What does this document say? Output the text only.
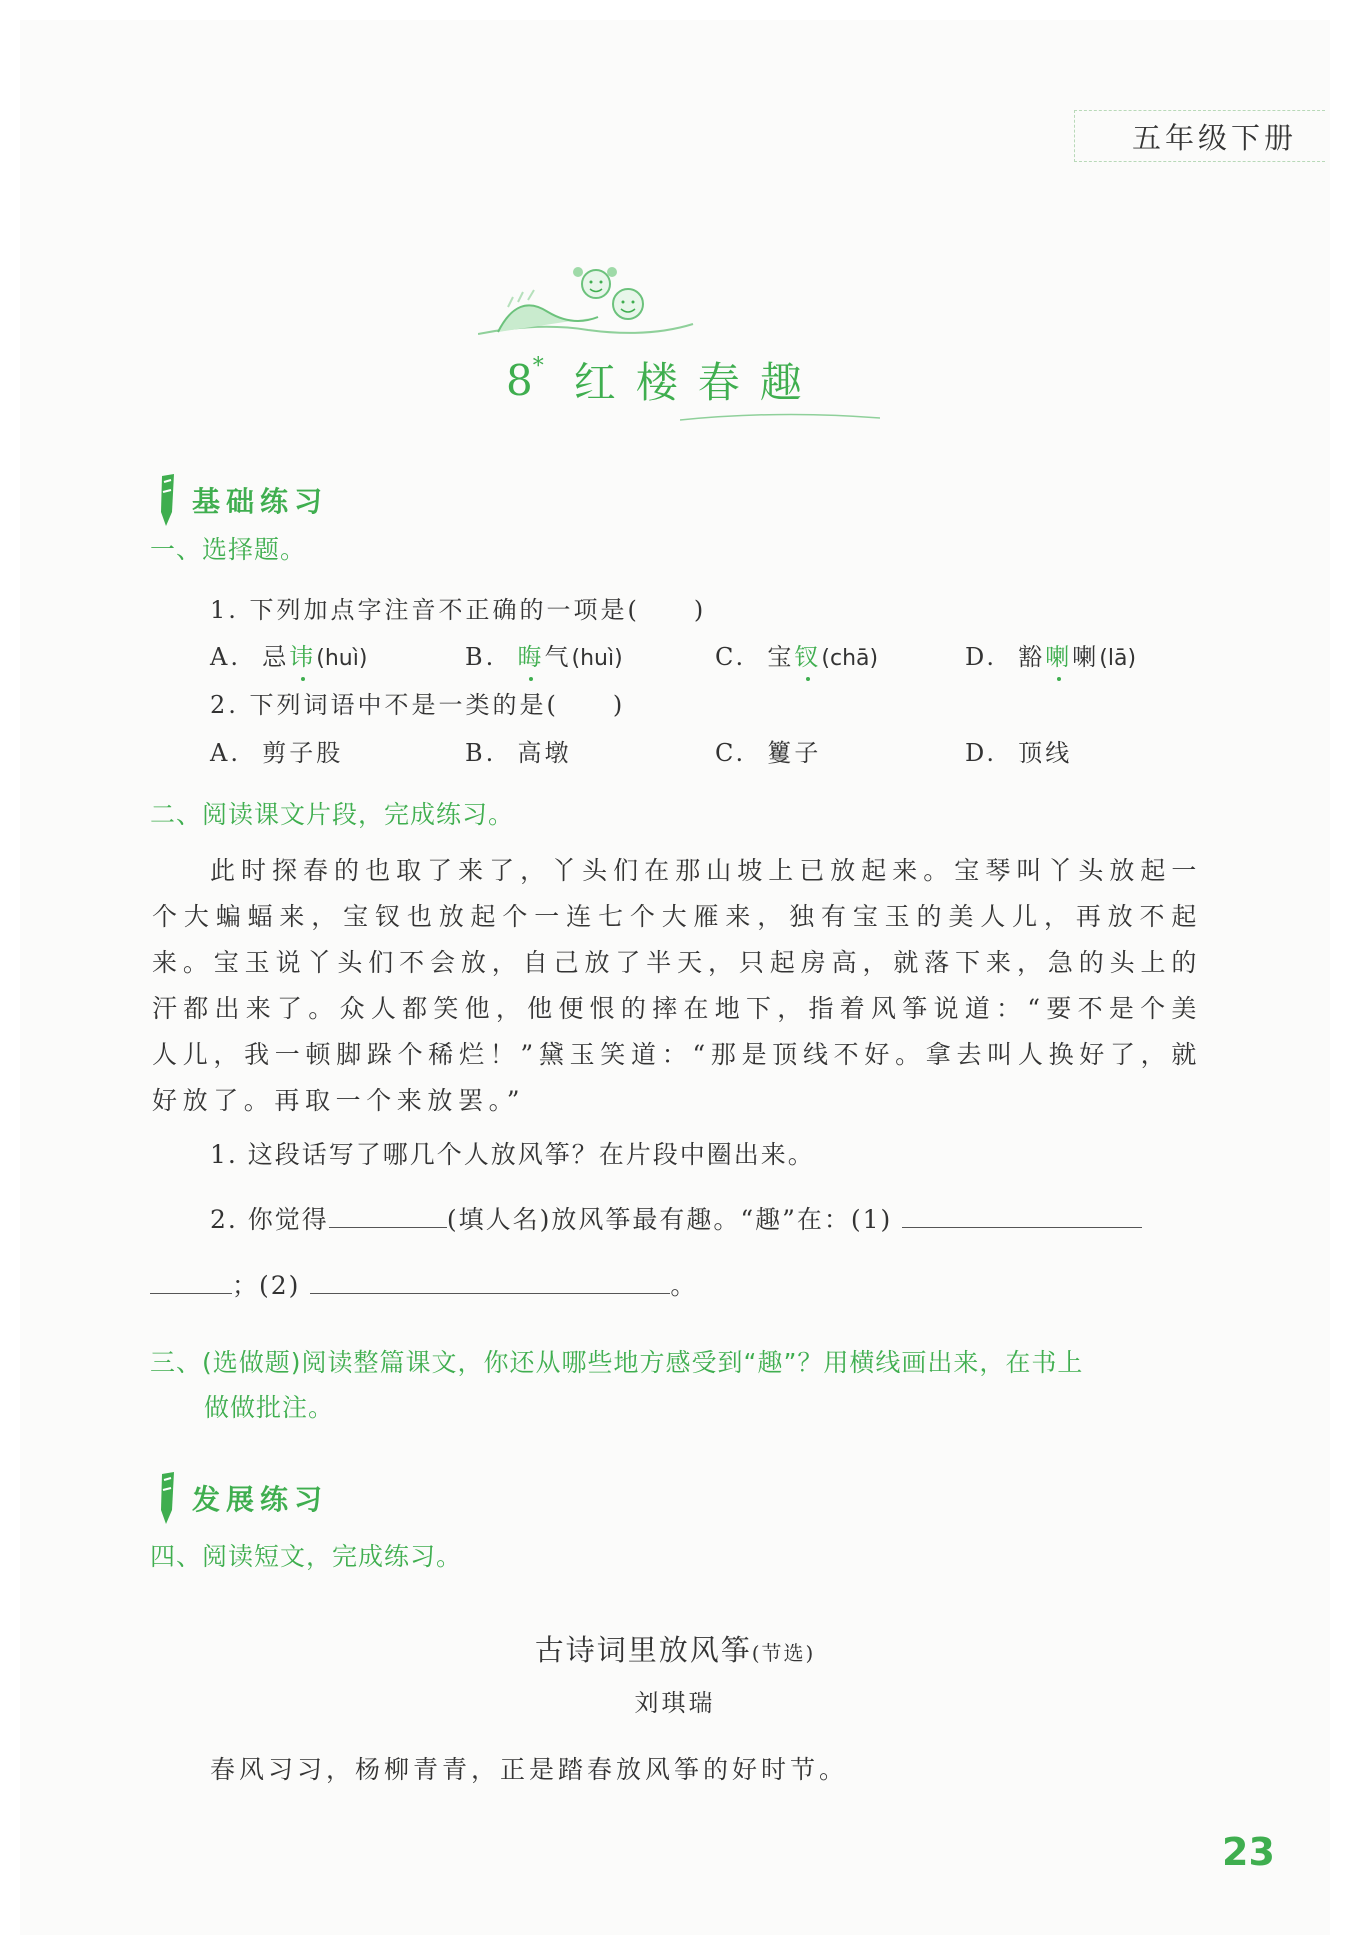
五年级下册
8 * 红楼春趣
基础练习
一、选择题。
1. 下列加点字注音不正确的一项是(　　)
A. 忌讳(huì)	B. 晦气(huì)	C. 宝钗(chā)	D. 豁喇喇(lā)
2. 下列词语中不是一类的是(　　)
A. 剪子股	B. 高墩	C. 籰子	D. 顶线
二、阅读课文片段，完成练习。
此时探春的也取了来了，丫头们在那山坡上已放起来。宝琴叫丫头放起一个大蝙蝠来，宝钗也放起个一连七个大雁来，独有宝玉的美人儿，再放不起来。宝玉说丫头们不会放，自己放了半天，只起房高，就落下来，急的头上的汗都出来了。众人都笑他，他便恨的摔在地下，指着风筝说道：“要不是个美人儿，我一顿脚跺个稀烂！”黛玉笑道：“那是顶线不好。拿去叫人换好了，就好放了。再取一个来放罢。”
1. 这段话写了哪几个人放风筝？在片段中圈出来。
2. 你觉得	(填人名)放风筝最有趣。“趣”在：(1)
；(2)	。
三、(选做题)阅读整篇课文，你还从哪些地方感受到“趣”？用横线画出来，在书上
做做批注。
发展练习
四、阅读短文，完成练习。
古诗词里放风筝(节选)
刘琪瑞
春风习习，杨柳青青，正是踏春放风筝的好时节。
23
